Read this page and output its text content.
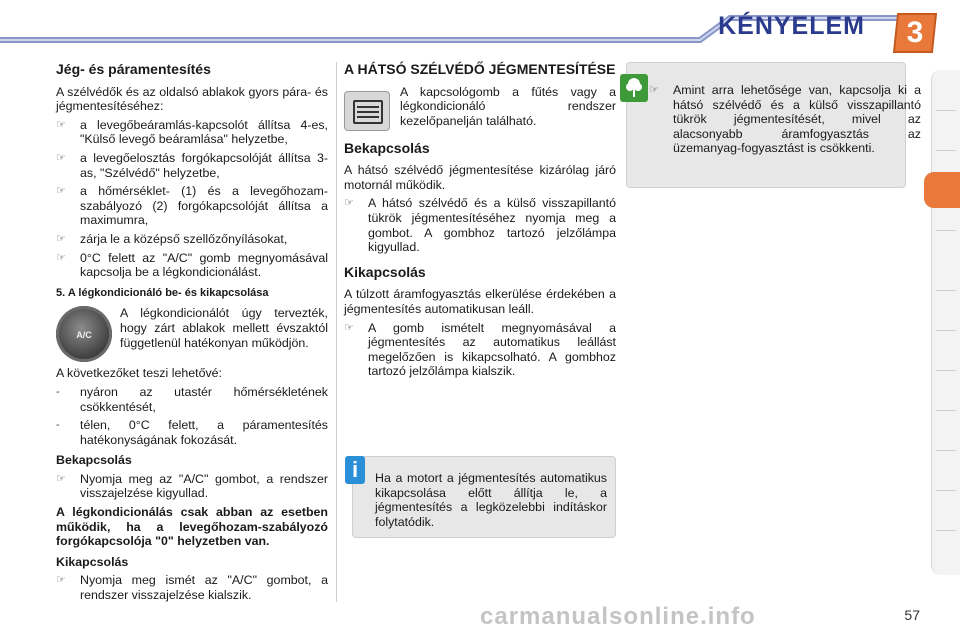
KÉNYELEM	3
Jég- és páramentesítés

A szélvédők és az oldalsó ablakok gyors pára- és jégmentesítéséhez:

☞ a levegőbeáramlás-kapcsolót állítsa 4-es, "Külső levegő beáramlása" helyzetbe,
☞ a levegőelosztás forgókapcsolóját állítsa 3-as, "Szélvédő" helyzetbe,
☞ a hőmérséklet- (1) és a levegőhozam-szabályozó (2) forgókapcsolóját állítsa a maximumra,
☞ zárja le a középső szellőzőnyílásokat,
☞ 0°C felett az "A/C" gomb megnyomásával kapcsolja be a légkondicionálást.
5. A légkondicionáló be- és kikapcsolása
A/C

A légkondicionálót úgy tervezték, hogy zárt ablakok mellett évszaktól függetlenül hatékonyan működjön.

A következőket teszi lehetővé:

- nyáron az utastér hőmérsékletének csökkentését,
- télen, 0°C felett, a páramentesítés hatékonyságának fokozását.
Bekapcsolás
☞ Nyomja meg az "A/C" gombot, a rendszer visszajelzése kigyullad.

A légkondicionálás csak abban az esetben működik, ha a levegőhozam-szabályozó forgókapcsolója "0" helyzetben van.

Kikapcsolás
☞ Nyomja meg ismét az "A/C" gombot, a rendszer visszajelzése kialszik.
A HÁTSÓ SZÉLVÉDŐ JÉGMENTESÍTÉSE

A kapcsológomb a fűtés vagy a légkondicionáló rendszer kezelőpanelján található.

Bekapcsolás

A hátsó szélvédő jégmentesítése kizárólag járó motornál működik.

☞ A hátsó szélvédő és a külső visszapillantó tükrök jégmentesítéséhez nyomja meg a gombot. A gombhoz tartozó jelzőlámpa kigyullad.
Kikapcsolás

A túlzott áramfogyasztás elkerülése érdekében a jégmentesítés automatikusan leáll.

☞ A gomb ismételt megnyomásával a jégmentesítés az automatikus leállást megelőzően is kikapcsolható. A gombhoz tartozó jelzőlámpa kialszik.
Ha a motort a jégmentesítés automatikus kikapcsolása előtt állítja le, a jégmentesítés a legközelebbi indításkor folytatódik.
i
☞ Amint arra lehetősége van, kapcsolja ki a hátsó szélvédő és a külső visszapillantó tükrök jégmentesítését, mivel az alacsonyabb áramfogyasztás az üzemanyag-fogyasztást is csökkenti.
carmanualsonline.info	57
